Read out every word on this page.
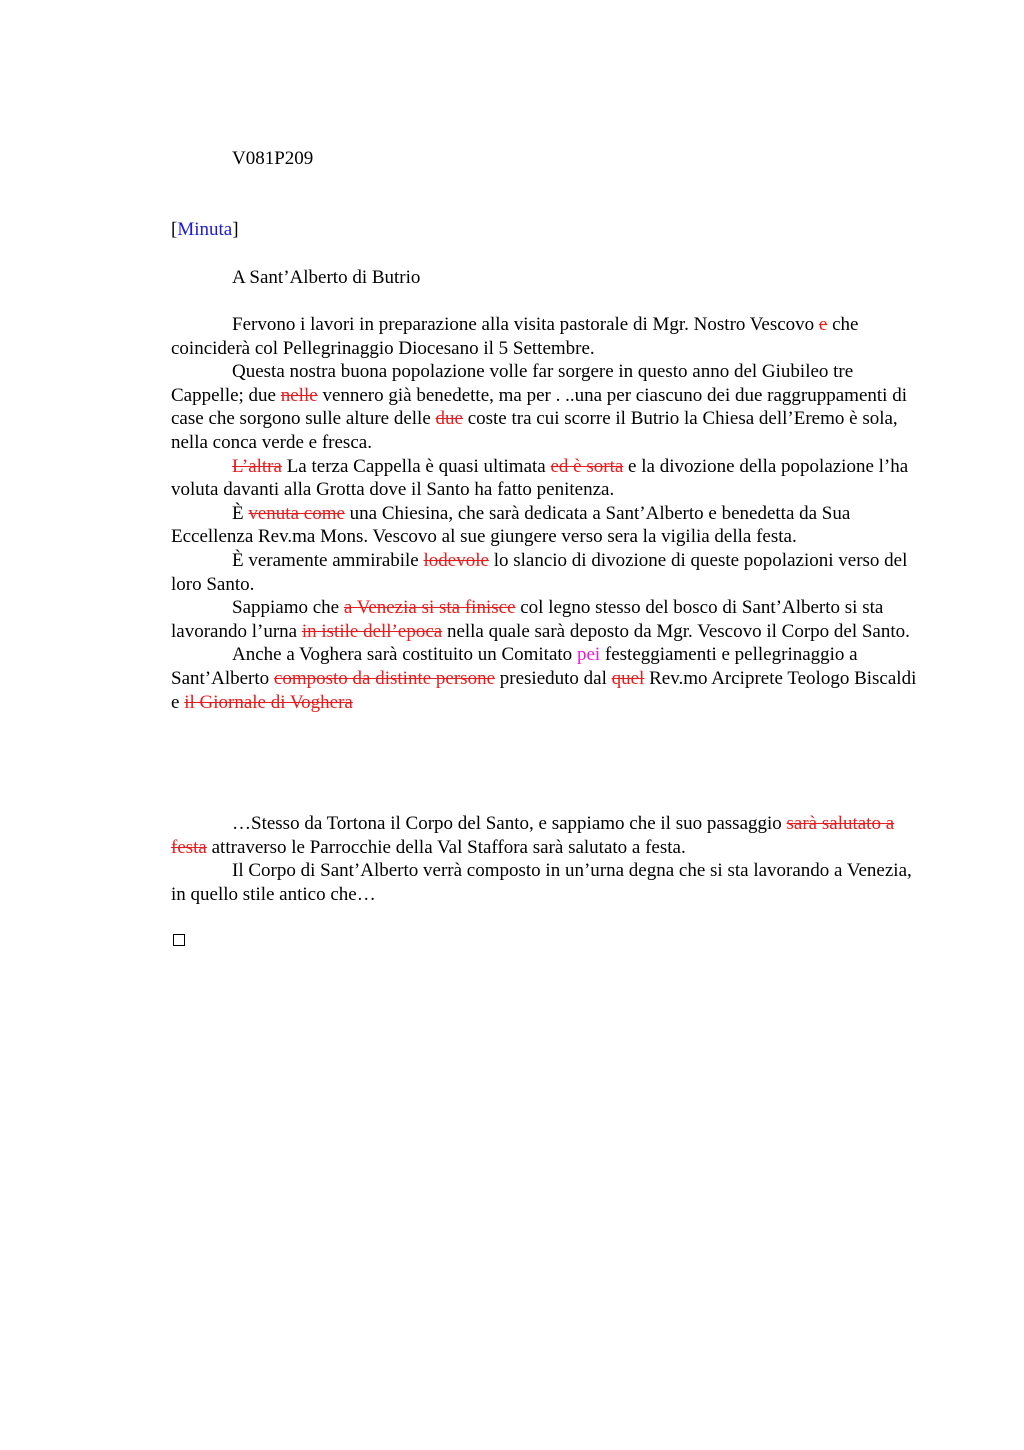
V081P209
[Minuta]
A Sant’Alberto di Butrio

Fervono i lavori in preparazione alla visita pastorale di Mgr. Nostro Vescovo e che coinciderà col Pellegrinaggio Diocesano il 5 Settembre.

Questa nostra buona popolazione volle far sorgere in questo anno del Giubileo tre Cappelle; due nelle vennero già benedette, ma per . ..una per ciascuno dei due raggruppamenti di case che sorgono sulle alture delle due coste tra cui scorre il Butrio la Chiesa dell’Eremo è sola, nella conca verde e fresca.

L’altra La terza Cappella è quasi ultimata ed è sorta e la divozione della popolazione l’ha voluta davanti alla Grotta dove il Santo ha fatto penitenza.

È venuta come una Chiesina, che sarà dedicata a Sant’Alberto e benedetta da Sua Eccellenza Rev.ma Mons. Vescovo al sue giungere verso sera la vigilia della festa.

È veramente ammirabile lodevole lo slancio di divozione di queste popolazioni verso del loro Santo.

Sappiamo che a Venezia si sta finisce col legno stesso del bosco di Sant’Alberto si sta lavorando l’urna in istile dell’epoca nella quale sarà deposto da Mgr. Vescovo il Corpo del Santo.

Anche a Voghera sarà costituito un Comitato pei festeggiamenti e pellegrinaggio a Sant’Alberto composto da distinte persone presieduto dal quel Rev.mo Arciprete Teologo Biscaldi e il Giornale di Voghera

…Stesso da Tortona il Corpo del Santo, e sappiamo che il suo passaggio sarà salutato a festa attraverso le Parrocchie della Val Staffora sarà salutato a festa.

Il Corpo di Sant’Alberto verrà composto in un’urna degna che si sta lavorando a Venezia, in quello stile antico che…
